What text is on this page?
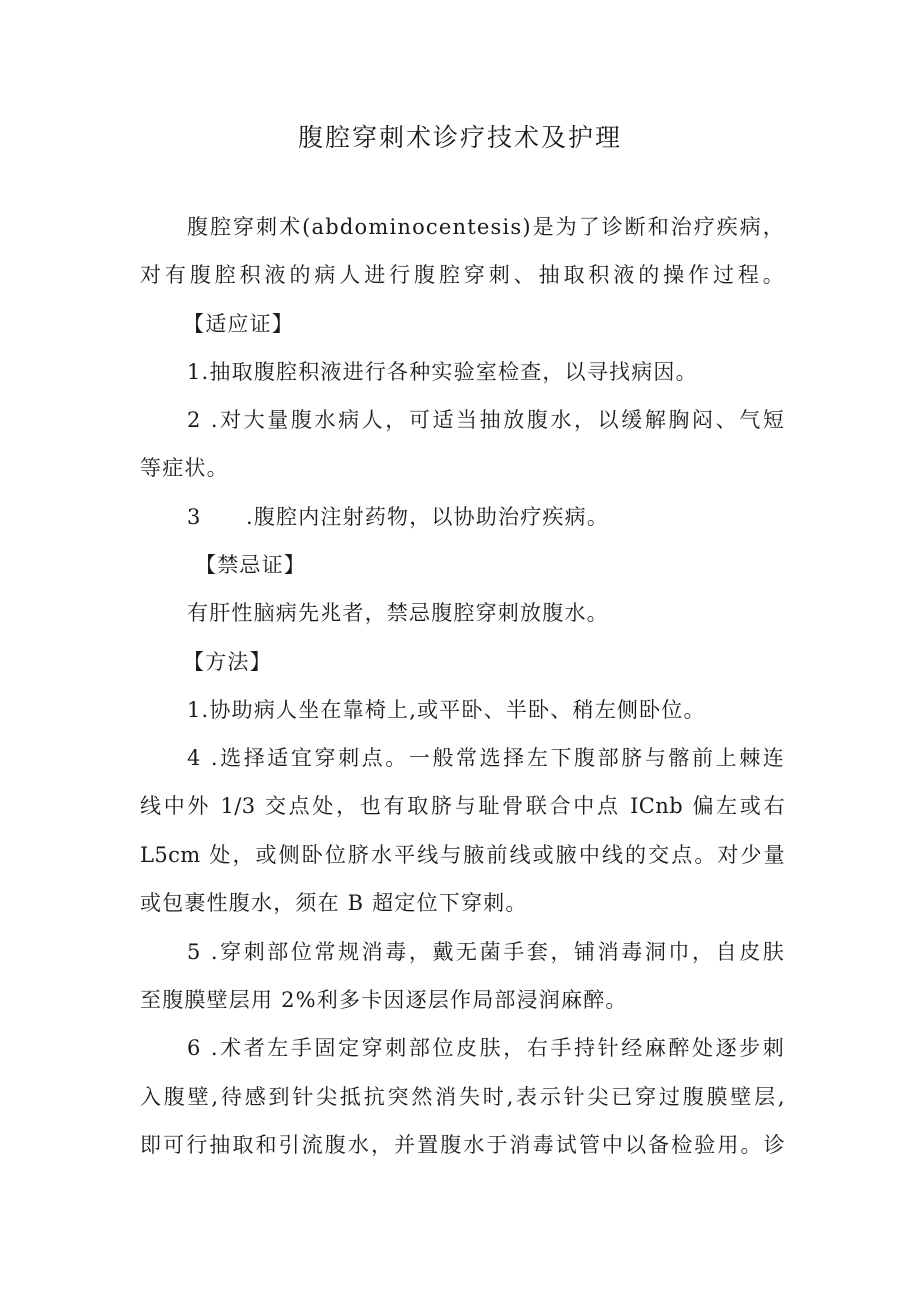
腹腔穿刺术诊疗技术及护理
腹腔穿刺术(abdominocentesis)是为了诊断和治疗疾病，
对有腹腔积液的病人进行腹腔穿刺、抽取积液的操作过程。
【适应证】
1.抽取腹腔积液进行各种实验室检查，以寻找病因。
2 .对大量腹水病人，可适当抽放腹水，以缓解胸闷、气短
等症状。
3　　.腹腔内注射药物，以协助治疗疾病。
【禁忌证】
有肝性脑病先兆者，禁忌腹腔穿刺放腹水。
【方法】
1.协助病人坐在靠椅上,或平卧、半卧、稍左侧卧位。
4 .选择适宜穿刺点。一般常选择左下腹部脐与髂前上棘连
线中外 1/3 交点处，也有取脐与耻骨联合中点 ICnb 偏左或右
L5cm 处，或侧卧位脐水平线与腋前线或腋中线的交点。对少量
或包裹性腹水，须在 B 超定位下穿刺。
5 .穿刺部位常规消毒，戴无菌手套，铺消毒洞巾，自皮肤
至腹膜壁层用 2%利多卡因逐层作局部浸润麻醉。
6 .术者左手固定穿刺部位皮肤，右手持针经麻醉处逐步刺
入腹壁,待感到针尖抵抗突然消失时,表示针尖已穿过腹膜壁层,
即可行抽取和引流腹水，并置腹水于消毒试管中以备检验用。诊
